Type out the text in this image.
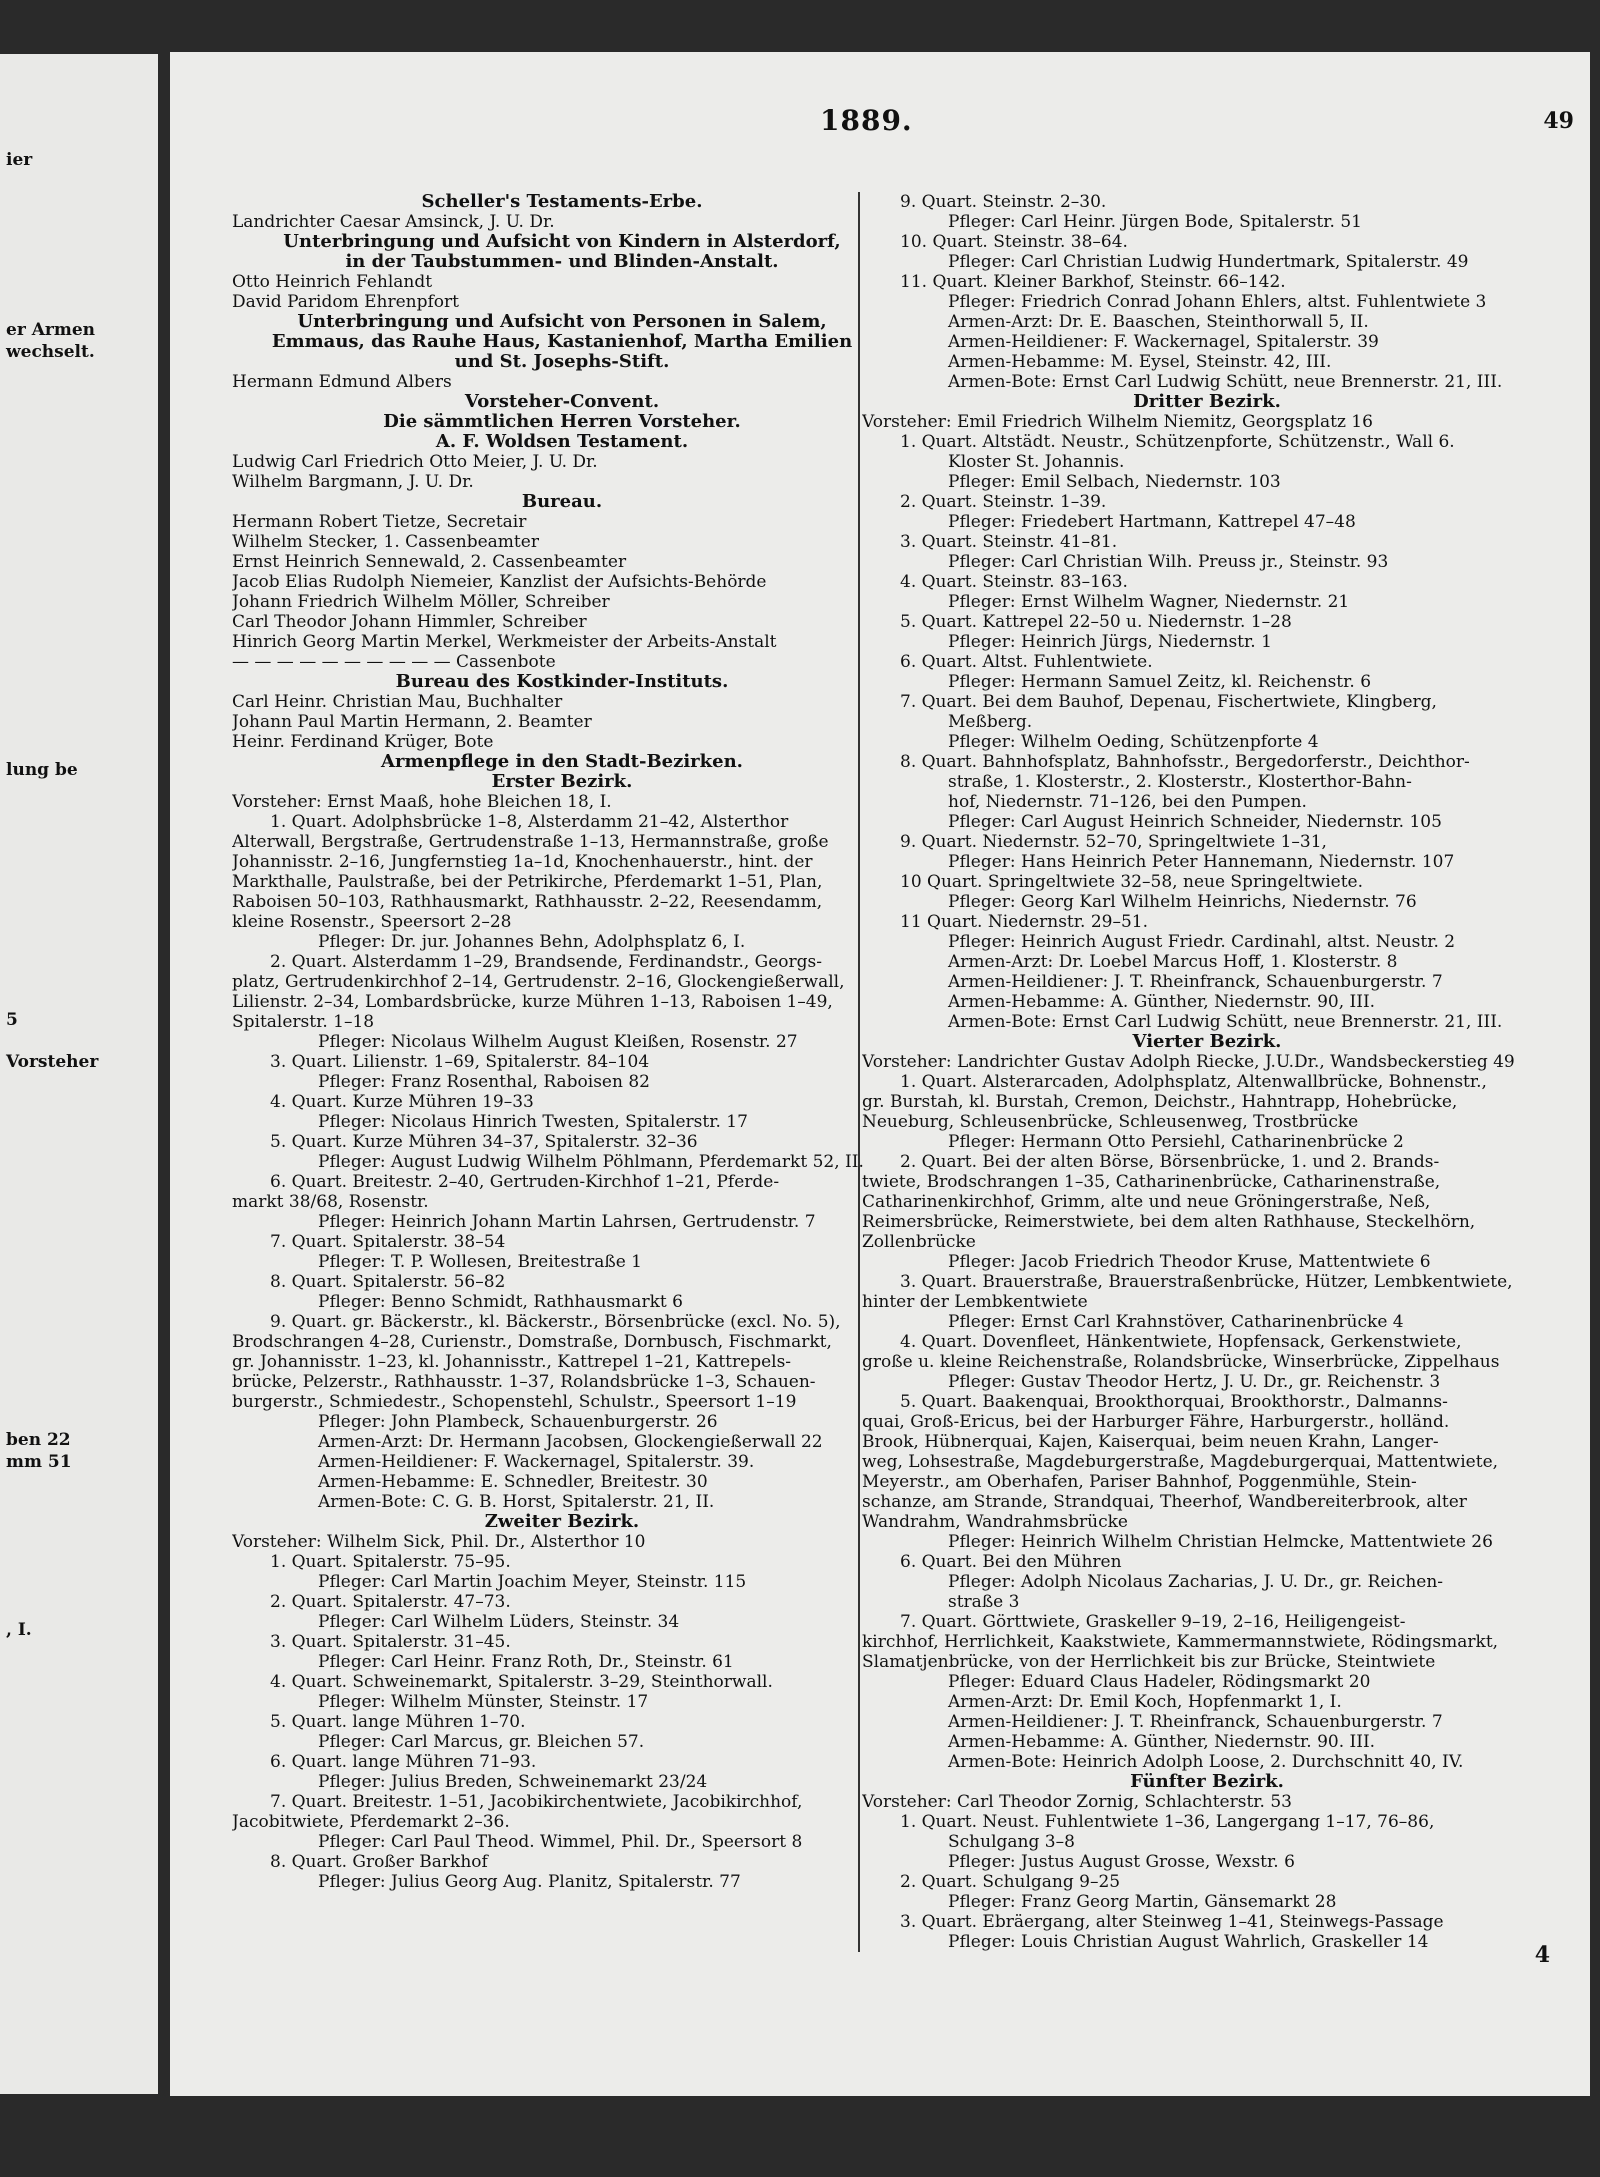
ier
er Armen
wechselt.
lung be
5
Vorsteher
ben 22
mm 51
, I.
1889.	49
Scheller's Testaments-Erbe.
Landrichter Caesar Amsinck, J. U. Dr.
Unterbringung und Aufsicht von Kindern in Alsterdorf,
in der Taubstummen- und Blinden-Anstalt.
Otto Heinrich Fehlandt
David Paridom Ehrenpfort
Unterbringung und Aufsicht von Personen in Salem,
Emmaus, das Rauhe Haus, Kastanienhof, Martha Emilien
und St. Josephs-Stift.
Hermann Edmund Albers
Vorsteher-Convent.
Die sämmtlichen Herren Vorsteher.
A. F. Woldsen Testament.
Ludwig Carl Friedrich Otto Meier, J. U. Dr.
Wilhelm Bargmann, J. U. Dr.
Bureau.
Hermann Robert Tietze, Secretair
Wilhelm Stecker, 1. Cassenbeamter
Ernst Heinrich Sennewald, 2. Cassenbeamter
Jacob Elias Rudolph Niemeier, Kanzlist der Aufsichts-Behörde
Johann Friedrich Wilhelm Möller, Schreiber
Carl Theodor Johann Himmler, Schreiber
Hinrich Georg Martin Merkel, Werkmeister der Arbeits-Anstalt
— — — — — — — — — — Cassenbote
Bureau des Kostkinder-Instituts.
Carl Heinr. Christian Mau, Buchhalter
Johann Paul Martin Hermann, 2. Beamter
Heinr. Ferdinand Krüger, Bote
Armenpflege in den Stadt-Bezirken.
Erster Bezirk.
Vorsteher: Ernst Maaß, hohe Bleichen 18, I.
1. Quart. Adolphsbrücke 1–8, Alsterdamm 21–42, Alsterthor
Alterwall, Bergstraße, Gertrudenstraße 1–13, Hermannstraße, große
Johannisstr. 2–16, Jungfernstieg 1a–1d, Knochenhauerstr., hint. der
Markthalle, Paulstraße, bei der Petrikirche, Pferdemarkt 1–51, Plan,
Raboisen 50–103, Rathhausmarkt, Rathhausstr. 2–22, Reesendamm,
kleine Rosenstr., Speersort 2–28
Pfleger: Dr. jur. Johannes Behn, Adolphsplatz 6, I.
2. Quart. Alsterdamm 1–29, Brandsende, Ferdinandstr., Georgs-
platz, Gertrudenkirchhof 2–14, Gertrudenstr. 2–16, Glockengießerwall,
Lilienstr. 2–34, Lombardsbrücke, kurze Mühren 1–13, Raboisen 1–49,
Spitalerstr. 1–18
Pfleger: Nicolaus Wilhelm August Kleißen, Rosenstr. 27
3. Quart. Lilienstr. 1–69, Spitalerstr. 84–104
Pfleger: Franz Rosenthal, Raboisen 82
4. Quart. Kurze Mühren 19–33
Pfleger: Nicolaus Hinrich Twesten, Spitalerstr. 17
5. Quart. Kurze Mühren 34–37, Spitalerstr. 32–36
Pfleger: August Ludwig Wilhelm Pöhlmann, Pferdemarkt 52, II.
6. Quart. Breitestr. 2–40, Gertruden-Kirchhof 1–21, Pferde-
markt 38/68, Rosenstr.
Pfleger: Heinrich Johann Martin Lahrsen, Gertrudenstr. 7
7. Quart. Spitalerstr. 38–54
Pfleger: T. P. Wollesen, Breitestraße 1
8. Quart. Spitalerstr. 56–82
Pfleger: Benno Schmidt, Rathhausmarkt 6
9. Quart. gr. Bäckerstr., kl. Bäckerstr., Börsenbrücke (excl. No. 5),
Brodschrangen 4–28, Curienstr., Domstraße, Dornbusch, Fischmarkt,
gr. Johannisstr. 1–23, kl. Johannisstr., Kattrepel 1–21, Kattrepels-
brücke, Pelzerstr., Rathhausstr. 1–37, Rolandsbrücke 1–3, Schauen-
burgerstr., Schmiedestr., Schopenstehl, Schulstr., Speersort 1–19
Pfleger: John Plambeck, Schauenburgerstr. 26
Armen-Arzt: Dr. Hermann Jacobsen, Glockengießerwall 22
Armen-Heildiener: F. Wackernagel, Spitalerstr. 39.
Armen-Hebamme: E. Schnedler, Breitestr. 30
Armen-Bote: C. G. B. Horst, Spitalerstr. 21, II.
Zweiter Bezirk.
Vorsteher: Wilhelm Sick, Phil. Dr., Alsterthor 10
1. Quart. Spitalerstr. 75–95.
Pfleger: Carl Martin Joachim Meyer, Steinstr. 115
2. Quart. Spitalerstr. 47–73.
Pfleger: Carl Wilhelm Lüders, Steinstr. 34
3. Quart. Spitalerstr. 31–45.
Pfleger: Carl Heinr. Franz Roth, Dr., Steinstr. 61
4. Quart. Schweinemarkt, Spitalerstr. 3–29, Steinthorwall.
Pfleger: Wilhelm Münster, Steinstr. 17
5. Quart. lange Mühren 1–70.
Pfleger: Carl Marcus, gr. Bleichen 57.
6. Quart. lange Mühren 71–93.
Pfleger: Julius Breden, Schweinemarkt 23/24
7. Quart. Breitestr. 1–51, Jacobikirchentwiete, Jacobikirchhof,
Jacobitwiete, Pferdemarkt 2–36.
Pfleger: Carl Paul Theod. Wimmel, Phil. Dr., Speersort 8
8. Quart. Großer Barkhof
Pfleger: Julius Georg Aug. Planitz, Spitalerstr. 77
9. Quart. Steinstr. 2–30.
Pfleger: Carl Heinr. Jürgen Bode, Spitalerstr. 51
10. Quart. Steinstr. 38–64.
Pfleger: Carl Christian Ludwig Hundertmark, Spitalerstr. 49
11. Quart. Kleiner Barkhof, Steinstr. 66–142.
Pfleger: Friedrich Conrad Johann Ehlers, altst. Fuhlentwiete 3
Armen-Arzt: Dr. E. Baaschen, Steinthorwall 5, II.
Armen-Heildiener: F. Wackernagel, Spitalerstr. 39
Armen-Hebamme: M. Eysel, Steinstr. 42, III.
Armen-Bote: Ernst Carl Ludwig Schütt, neue Brennerstr. 21, III.
Dritter Bezirk.
Vorsteher: Emil Friedrich Wilhelm Niemitz, Georgsplatz 16
1. Quart. Altstädt. Neustr., Schützenpforte, Schützenstr., Wall 6.
Kloster St. Johannis.
Pfleger: Emil Selbach, Niedernstr. 103
2. Quart. Steinstr. 1–39.
Pfleger: Friedebert Hartmann, Kattrepel 47–48
3. Quart. Steinstr. 41–81.
Pfleger: Carl Christian Wilh. Preuss jr., Steinstr. 93
4. Quart. Steinstr. 83–163.
Pfleger: Ernst Wilhelm Wagner, Niedernstr. 21
5. Quart. Kattrepel 22–50 u. Niedernstr. 1–28
Pfleger: Heinrich Jürgs, Niedernstr. 1
6. Quart. Altst. Fuhlentwiete.
Pfleger: Hermann Samuel Zeitz, kl. Reichenstr. 6
7. Quart. Bei dem Bauhof, Depenau, Fischertwiete, Klingberg,
Meßberg.
Pfleger: Wilhelm Oeding, Schützenpforte 4
8. Quart. Bahnhofsplatz, Bahnhofsstr., Bergedorferstr., Deichthor-
straße, 1. Klosterstr., 2. Klosterstr., Klosterthor-Bahn-
hof, Niedernstr. 71–126, bei den Pumpen.
Pfleger: Carl August Heinrich Schneider, Niedernstr. 105
9. Quart. Niedernstr. 52–70, Springeltwiete 1–31,
Pfleger: Hans Heinrich Peter Hannemann, Niedernstr. 107
10 Quart. Springeltwiete 32–58, neue Springeltwiete.
Pfleger: Georg Karl Wilhelm Heinrichs, Niedernstr. 76
11 Quart. Niedernstr. 29–51.
Pfleger: Heinrich August Friedr. Cardinahl, altst. Neustr. 2
Armen-Arzt: Dr. Loebel Marcus Hoff, 1. Klosterstr. 8
Armen-Heildiener: J. T. Rheinfranck, Schauenburgerstr. 7
Armen-Hebamme: A. Günther, Niedernstr. 90, III.
Armen-Bote: Ernst Carl Ludwig Schütt, neue Brennerstr. 21, III.
Vierter Bezirk.
Vorsteher: Landrichter Gustav Adolph Riecke, J.U.Dr., Wandsbeckerstieg 49
1. Quart. Alsterarcaden, Adolphsplatz, Altenwallbrücke, Bohnenstr.,
gr. Burstah, kl. Burstah, Cremon, Deichstr., Hahntrapp, Hohebrücke,
Neueburg, Schleusenbrücke, Schleusenweg, Trostbrücke
Pfleger: Hermann Otto Persiehl, Catharinenbrücke 2
2. Quart. Bei der alten Börse, Börsenbrücke, 1. und 2. Brands-
twiete, Brodschrangen 1–35, Catharinenbrücke, Catharinenstraße,
Catharinenkirchhof, Grimm, alte und neue Gröningerstraße, Neß,
Reimersbrücke, Reimerstwiete, bei dem alten Rathhause, Steckelhörn,
Zollenbrücke
Pfleger: Jacob Friedrich Theodor Kruse, Mattentwiete 6
3. Quart. Brauerstraße, Brauerstraßenbrücke, Hützer, Lembkentwiete,
hinter der Lembkentwiete
Pfleger: Ernst Carl Krahnstöver, Catharinenbrücke 4
4. Quart. Dovenfleet, Hänkentwiete, Hopfensack, Gerkenstwiete,
große u. kleine Reichenstraße, Rolandsbrücke, Winserbrücke, Zippelhaus
Pfleger: Gustav Theodor Hertz, J. U. Dr., gr. Reichenstr. 3
5. Quart. Baakenquai, Brookthorquai, Brookthorstr., Dalmanns-
quai, Groß-Ericus, bei der Harburger Fähre, Harburgerstr., holländ.
Brook, Hübnerquai, Kajen, Kaiserquai, beim neuen Krahn, Langer-
weg, Lohsestraße, Magdeburgerstraße, Magdeburgerquai, Mattentwiete,
Meyerstr., am Oberhafen, Pariser Bahnhof, Poggenmühle, Stein-
schanze, am Strande, Strandquai, Theerhof, Wandbereiterbrook, alter
Wandrahm, Wandrahmsbrücke
Pfleger: Heinrich Wilhelm Christian Helmcke, Mattentwiete 26
6. Quart. Bei den Mühren
Pfleger: Adolph Nicolaus Zacharias, J. U. Dr., gr. Reichen-
straße 3
7. Quart. Görttwiete, Graskeller 9–19, 2–16, Heiligengeist-
kirchhof, Herrlichkeit, Kaakstwiete, Kammermannstwiete, Rödingsmarkt,
Slamatjenbrücke, von der Herrlichkeit bis zur Brücke, Steintwiete
Pfleger: Eduard Claus Hadeler, Rödingsmarkt 20
Armen-Arzt: Dr. Emil Koch, Hopfenmarkt 1, I.
Armen-Heildiener: J. T. Rheinfranck, Schauenburgerstr. 7
Armen-Hebamme: A. Günther, Niedernstr. 90. III.
Armen-Bote: Heinrich Adolph Loose, 2. Durchschnitt 40, IV.
Fünfter Bezirk.
Vorsteher: Carl Theodor Zornig, Schlachterstr. 53
1. Quart. Neust. Fuhlentwiete 1–36, Langergang 1–17, 76–86,
Schulgang 3–8
Pfleger: Justus August Grosse, Wexstr. 6
2. Quart. Schulgang 9–25
Pfleger: Franz Georg Martin, Gänsemarkt 28
3. Quart. Ebräergang, alter Steinweg 1–41, Steinwegs-Passage
Pfleger: Louis Christian August Wahrlich, Graskeller 14	4
